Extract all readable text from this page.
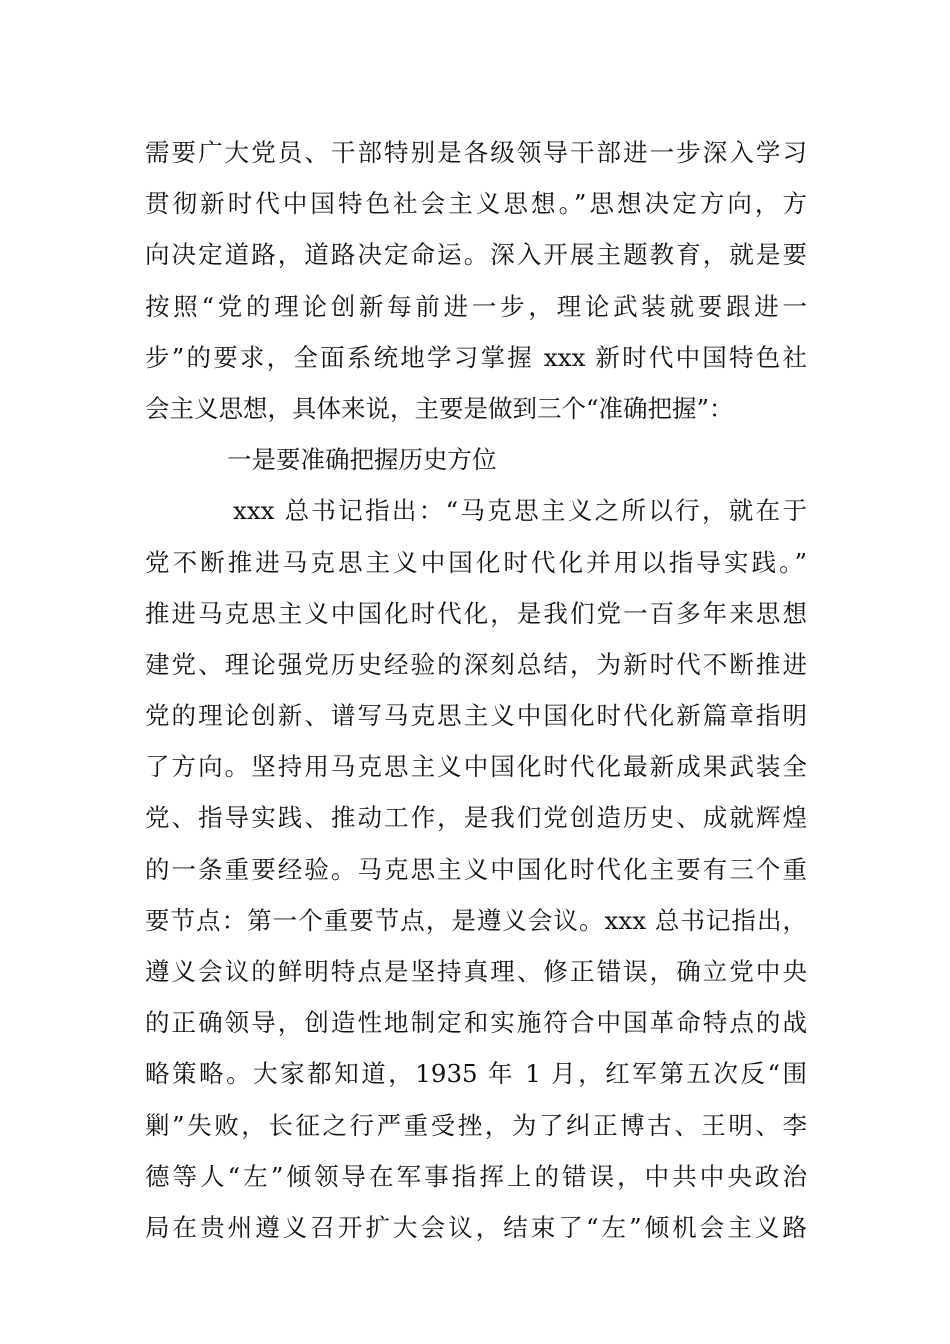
需要广大党员、干部特别是各级领导干部进一步深入学习
贯彻新时代中国特色社会主义思想。”思想决定方向，方
向决定道路，道路决定命运。深入开展主题教育，就是要
按照“党的理论创新每前进一步，理论武装就要跟进一
步”的要求，全面系统地学习掌握 xxx 新时代中国特色社
会主义思想，具体来说，主要是做到三个“准确把握”：
一是要准确把握历史方位
xxx 总书记指出：“马克思主义之所以行，就在于
党不断推进马克思主义中国化时代化并用以指导实践。”
推进马克思主义中国化时代化，是我们党一百多年来思想
建党、理论强党历史经验的深刻总结，为新时代不断推进
党的理论创新、谱写马克思主义中国化时代化新篇章指明
了方向。坚持用马克思主义中国化时代化最新成果武装全
党、指导实践、推动工作，是我们党创造历史、成就辉煌
的一条重要经验。马克思主义中国化时代化主要有三个重
要节点：第一个重要节点，是遵义会议。xxx 总书记指出，
遵义会议的鲜明特点是坚持真理、修正错误，确立党中央
的正确领导，创造性地制定和实施符合中国革命特点的战
略策略。大家都知道，1935 年 1 月，红军第五次反“围
剿”失败，长征之行严重受挫，为了纠正博古、王明、李
德等人“左”倾领导在军事指挥上的错误，中共中央政治
局在贵州遵义召开扩大会议，结束了“左”倾机会主义路
